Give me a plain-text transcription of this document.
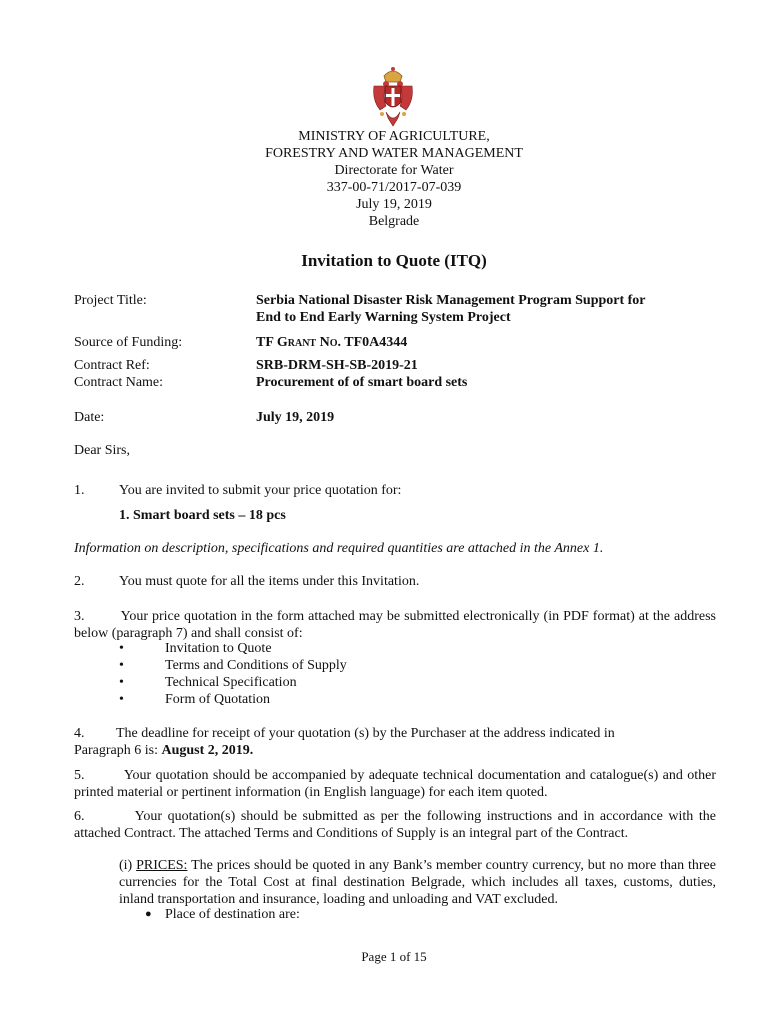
MINISTRY OF AGRICULTURE,
FORESTRY AND WATER MANAGEMENT
Directorate for Water
337-00-71/2017-07-039
July 19, 2019
Belgrade
Invitation to Quote (ITQ)
Project Title:	Serbia National Disaster Risk Management Program Support for
End to End Early Warning System Project
Source of Funding:	TF Grant No. TF0A4344
Contract Ref:	SRB-DRM-SH-SB-2019-21
Contract Name:	Procurement of of smart board sets
Date:	July 19, 2019
Dear Sirs,
1. You are invited to submit your price quotation for:
1. Smart board sets – 18 pcs
Information on description, specifications and required quantities are attached in the Annex 1.
2. You must quote for all the items under this Invitation.
3.         Your price quotation in the form attached may be submitted electronically (in PDF format) at the address below (paragraph 7) and shall consist of:
•	Invitation to Quote
•	Terms and Conditions of Supply
•	Technical Specification
•	Form of Quotation
4.         The deadline for receipt of your quotation (s) by the Purchaser at the address indicated in
Paragraph 6 is: August 2, 2019.
5.         Your quotation should be accompanied by adequate technical documentation and catalogue(s) and other printed material or pertinent information (in English language) for each item quoted.
6.         Your quotation(s) should be submitted as per the following instructions and in accordance with the attached Contract. The attached Terms and Conditions of Supply is an integral part of the Contract.
(i) PRICES: The prices should be quoted in any Bank’s member country currency, but no more than three currencies for the Total Cost at final destination Belgrade, which includes all taxes, customs, duties, inland transportation and insurance, loading and unloading and VAT excluded.
● Place of destination are:
Page 1 of 15
